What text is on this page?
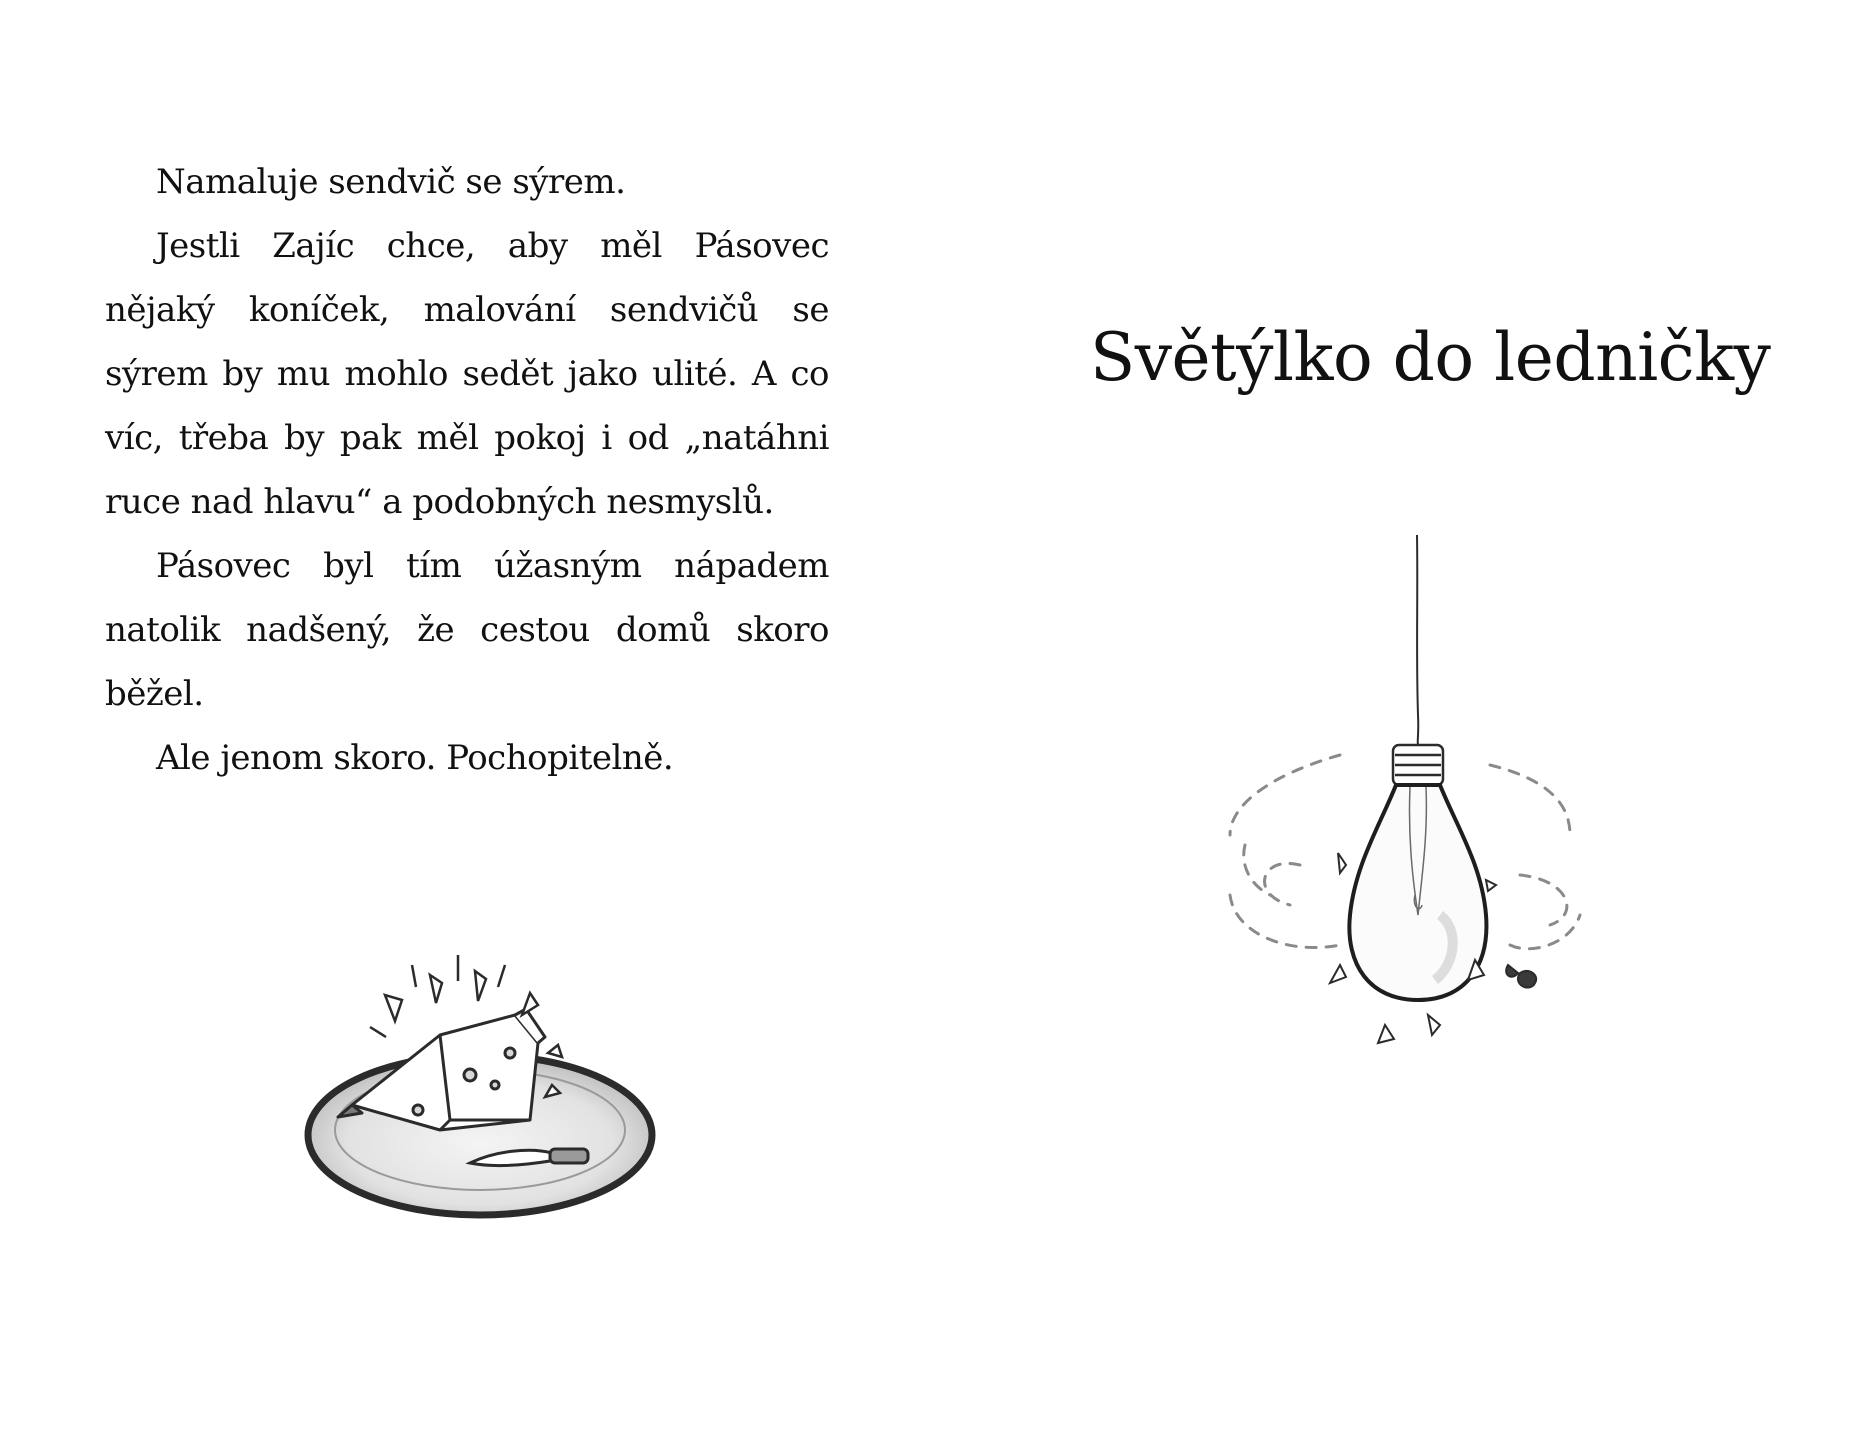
Namaluje sendvič se sýrem.

Jestli Zajíc chce, aby měl Pásovec nějaký koníček, malování sendvičů se sýrem by mu mohlo sedět jako ulité. A co víc, třeba by pak měl pokoj i od „natáhni ruce nad hlavu“ a podobných nesmyslů.

Pásovec byl tím úžasným nápadem natolik nadšený, že cestou domů skoro běžel.

Ale jenom skoro. Pochopitelně.

Světýlko do ledničky
